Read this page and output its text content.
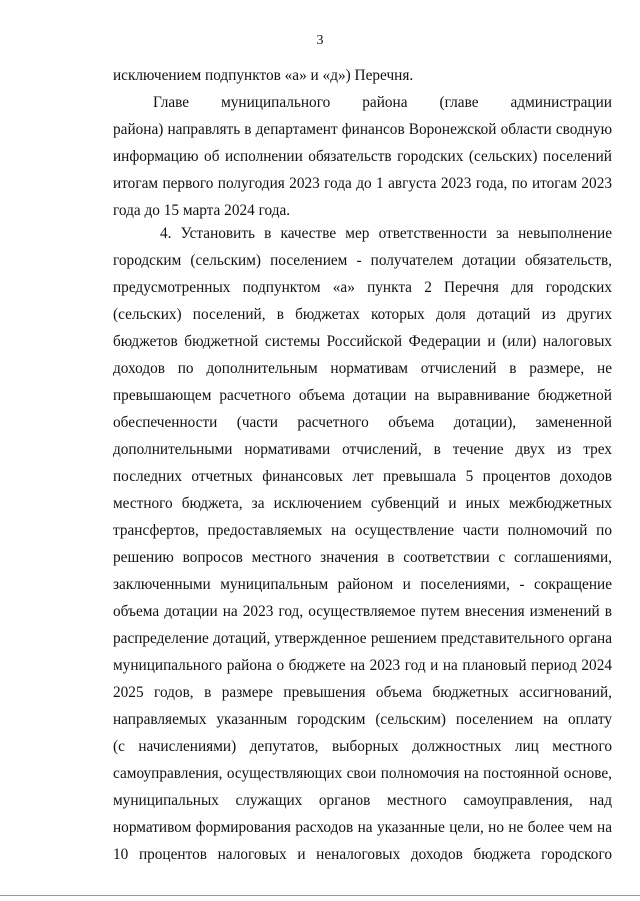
3
исключением подпунктов «а» и «д») Перечня.
Главе муниципального района (главе администрации
района) направлять в департамент финансов Воронежской области сводную
информацию об исполнении обязательств городских (сельских) поселений
итогам первого полугодия 2023 года до 1 августа 2023 года, по итогам 2023
года до 15 марта 2024 года.
4. Установить в качестве мер ответственности за невыполнение
городским (сельским) поселением - получателем дотации обязательств,
предусмотренных подпунктом «а» пункта 2 Перечня для городских
(сельских) поселений, в бюджетах которых доля дотаций из других
бюджетов бюджетной системы Российской Федерации и (или) налоговых
доходов по дополнительным нормативам отчислений в размере, не
превышающем расчетного объема дотации на выравнивание бюджетной
обеспеченности (части расчетного объема дотации), замененной
дополнительными нормативами отчислений, в течение двух из трех
последних отчетных финансовых лет превышала 5 процентов доходов
местного бюджета, за исключением субвенций и иных межбюджетных
трансфертов, предоставляемых на осуществление части полномочий по
решению вопросов местного значения в соответствии с соглашениями,
заключенными муниципальным районом и поселениями, - сокращение
объема дотации на 2023 год, осуществляемое путем внесения изменений в
распределение дотаций, утвержденное решением представительного органа
муниципального района о бюджете на 2023 год и на плановый период 2024
2025 годов, в размере превышения объема бюджетных ассигнований,
направляемых указанным городским (сельским) поселением на оплату
(с начислениями) депутатов, выборных должностных лиц местного
самоуправления, осуществляющих свои полномочия на постоянной основе,
муниципальных служащих органов местного самоуправления, над
нормативом формирования расходов на указанные цели, но не более чем на
10 процентов налоговых и неналоговых доходов бюджета городского
